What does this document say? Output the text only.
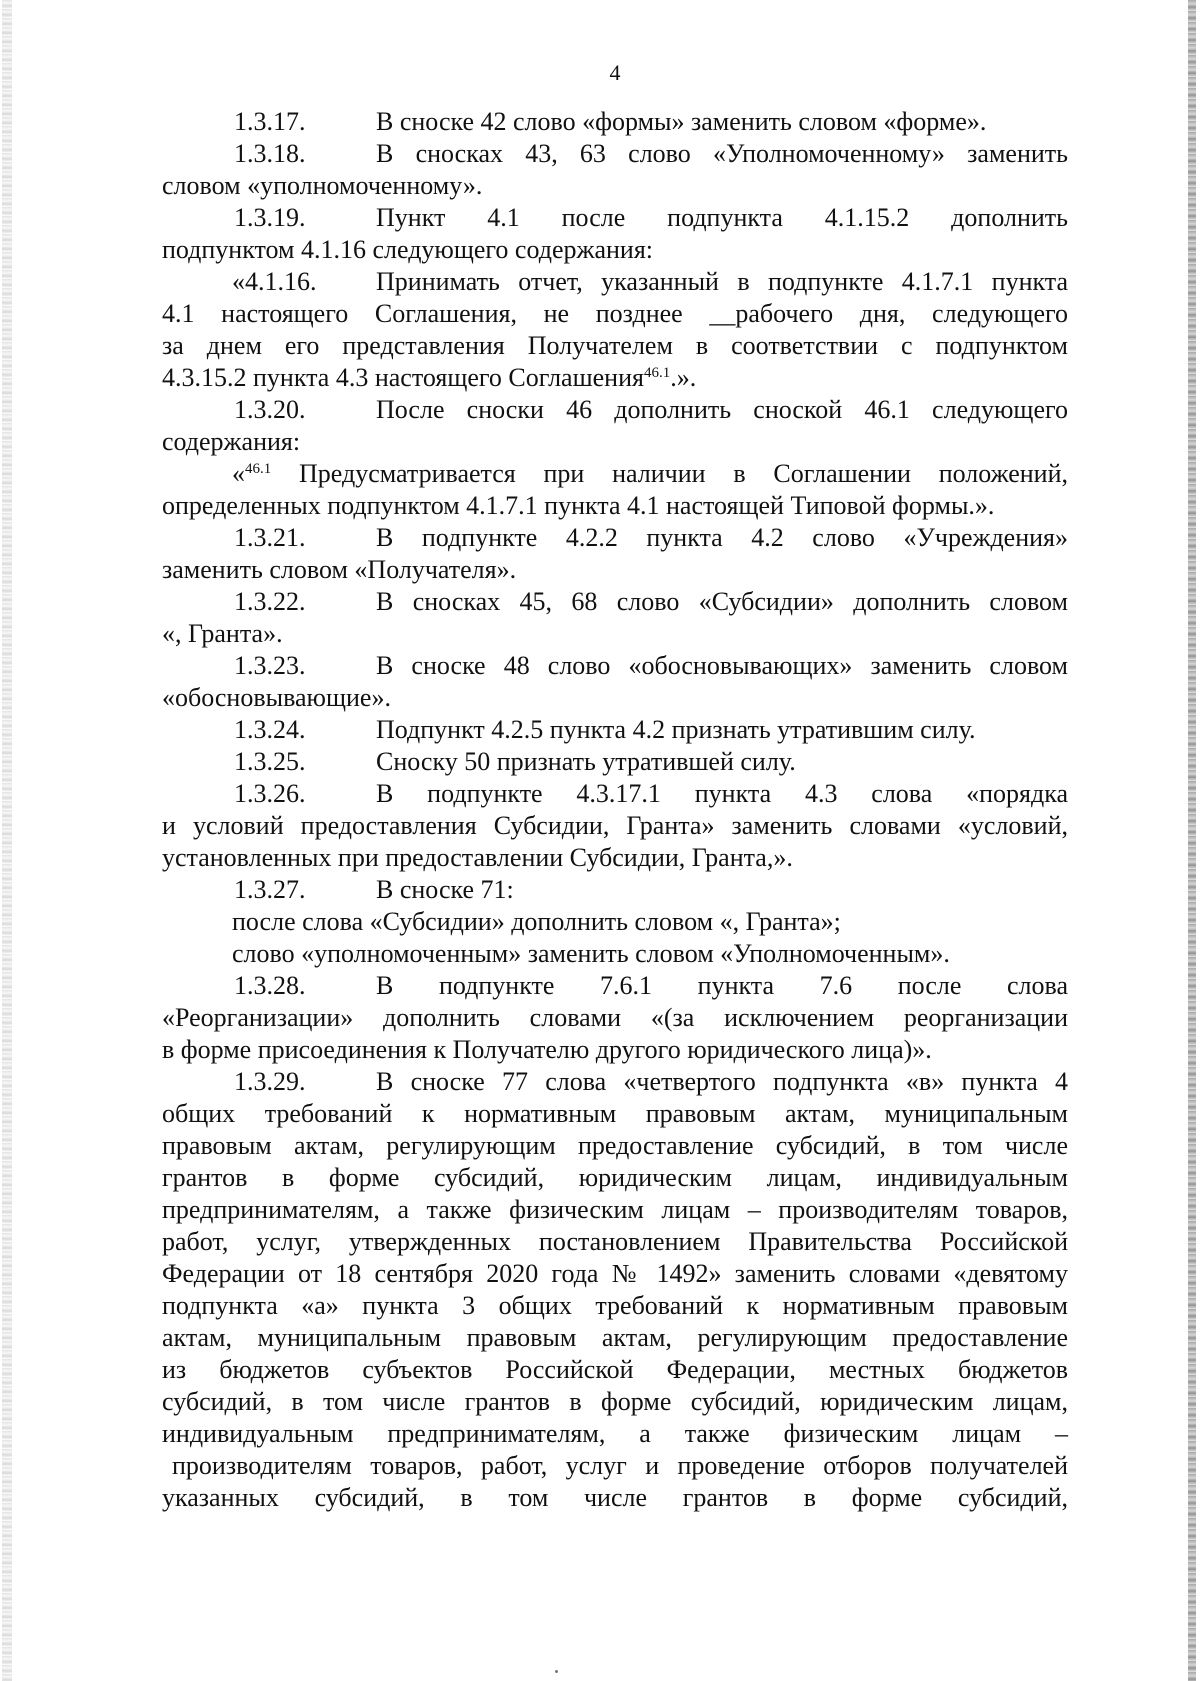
4

1.3.17.	В сноске 42 слово «формы» заменить словом «форме».

1.3.18.	В сносках 43, 63 слово «Уполномоченному» заменить

словом «уполномоченному».

1.3.19.	Пункт 4.1 после подпункта 4.1.15.2 дополнить

подпунктом 4.1.16 следующего содержания:

«4.1.16. Принимать отчет, указанный в подпункте 4.1.7.1 пункта

4.1 настоящего Соглашения, не позднее __рабочего дня, следующего

за днем его представления Получателем в соответствии с подпунктом

4.3.15.2 пункта 4.3 настоящего Соглашения$^{46.1}$.».

1.3.20.	После сноски 46 дополнить сноской 46.1 следующего

содержания:

«$^{46.1}$ Предусматривается при наличии в Соглашении положений,

определенных подпунктом 4.1.7.1 пункта 4.1 настоящей Типовой формы.».

1.3.21.	В подпункте 4.2.2 пункта 4.2 слово «Учреждения»

заменить словом «Получателя».

1.3.22.	В сносках 45, 68 слово «Субсидии» дополнить словом

«, Гранта».

1.3.23.	В сноске 48 слово «обосновывающих» заменить словом

«обосновывающие».

1.3.24.	Подпункт 4.2.5 пункта 4.2 признать утратившим силу.

1.3.25.	Сноску 50 признать утратившей силу.

1.3.26.	В подпункте 4.3.17.1 пункта 4.3 слова «порядка

и условий предоставления Субсидии, Гранта» заменить словами «условий,

установленных при предоставлении Субсидии, Гранта,».

1.3.27.	В сноске 71:

после слова «Субсидии» дополнить словом «, Гранта»;

слово «уполномоченным» заменить словом «Уполномоченным».

1.3.28.	В подпункте 7.6.1 пункта 7.6 после слова

«Реорганизации» дополнить словами «(за исключением реорганизации

в форме присоединения к Получателю другого юридического лица)».

1.3.29.	В сноске 77 слова «четвертого подпункта «в» пункта 4

общих требований к нормативным правовым актам, муниципальным

правовым актам, регулирующим предоставление субсидий, в том числе

грантов в форме субсидий, юридическим лицам, индивидуальным

предпринимателям, а также физическим лицам – производителям товаров,

работ, услуг, утвержденных постановлением Правительства Российской

Федерации от 18 сентября 2020 года № 1492» заменить словами «девятому

подпункта «а» пункта 3 общих требований к нормативным правовым

актам, муниципальным правовым актам, регулирующим предоставление

из бюджетов субъектов Российской Федерации, местных бюджетов

субсидий, в том числе грантов в форме субсидий, юридическим лицам,

индивидуальным предпринимателям, а также физическим лицам –

производителям товаров, работ, услуг и проведение отборов получателей

указанных субсидий, в том числе грантов в форме субсидий,
